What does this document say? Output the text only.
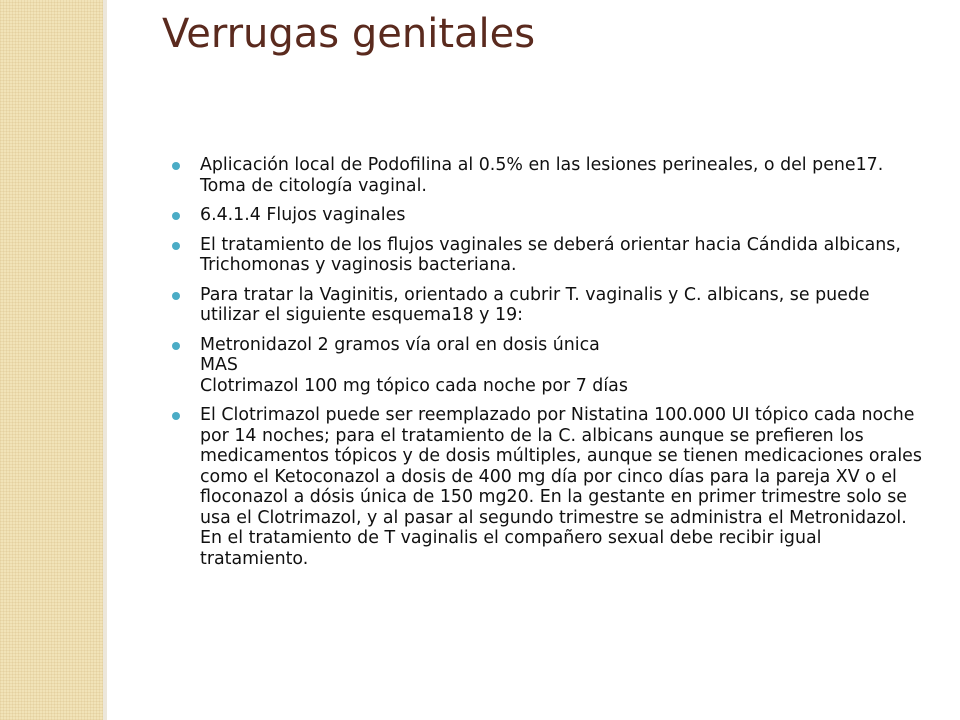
Verrugas genitales
Aplicación local de Podofilina al 0.5% en las lesiones perineales, o del pene17. Toma de citología vaginal.
6.4.1.4 Flujos vaginales
El tratamiento de los flujos vaginales se deberá orientar hacia Cándida albicans, Trichomonas y vaginosis bacteriana.
Para tratar la Vaginitis, orientado a cubrir T. vaginalis y C. albicans, se puede utilizar el siguiente esquema18 y 19:
Metronidazol 2 gramos vía oral en dosis única
MAS
Clotrimazol 100 mg tópico cada noche por 7 días
El Clotrimazol puede ser reemplazado por Nistatina 100.000 UI tópico cada noche por 14 noches; para el tratamiento de la C. albicans aunque se prefieren los medicamentos tópicos y de dosis múltiples, aunque se tienen medicaciones orales como el Ketoconazol a dosis de 400 mg día por cinco días para la pareja XV o el floconazol a dósis única de 150 mg20. En la gestante en primer trimestre solo se usa el Clotrimazol, y al pasar al segundo trimestre se administra el Metronidazol. En el tratamiento de T vaginalis el compañero sexual debe recibir igual tratamiento.
